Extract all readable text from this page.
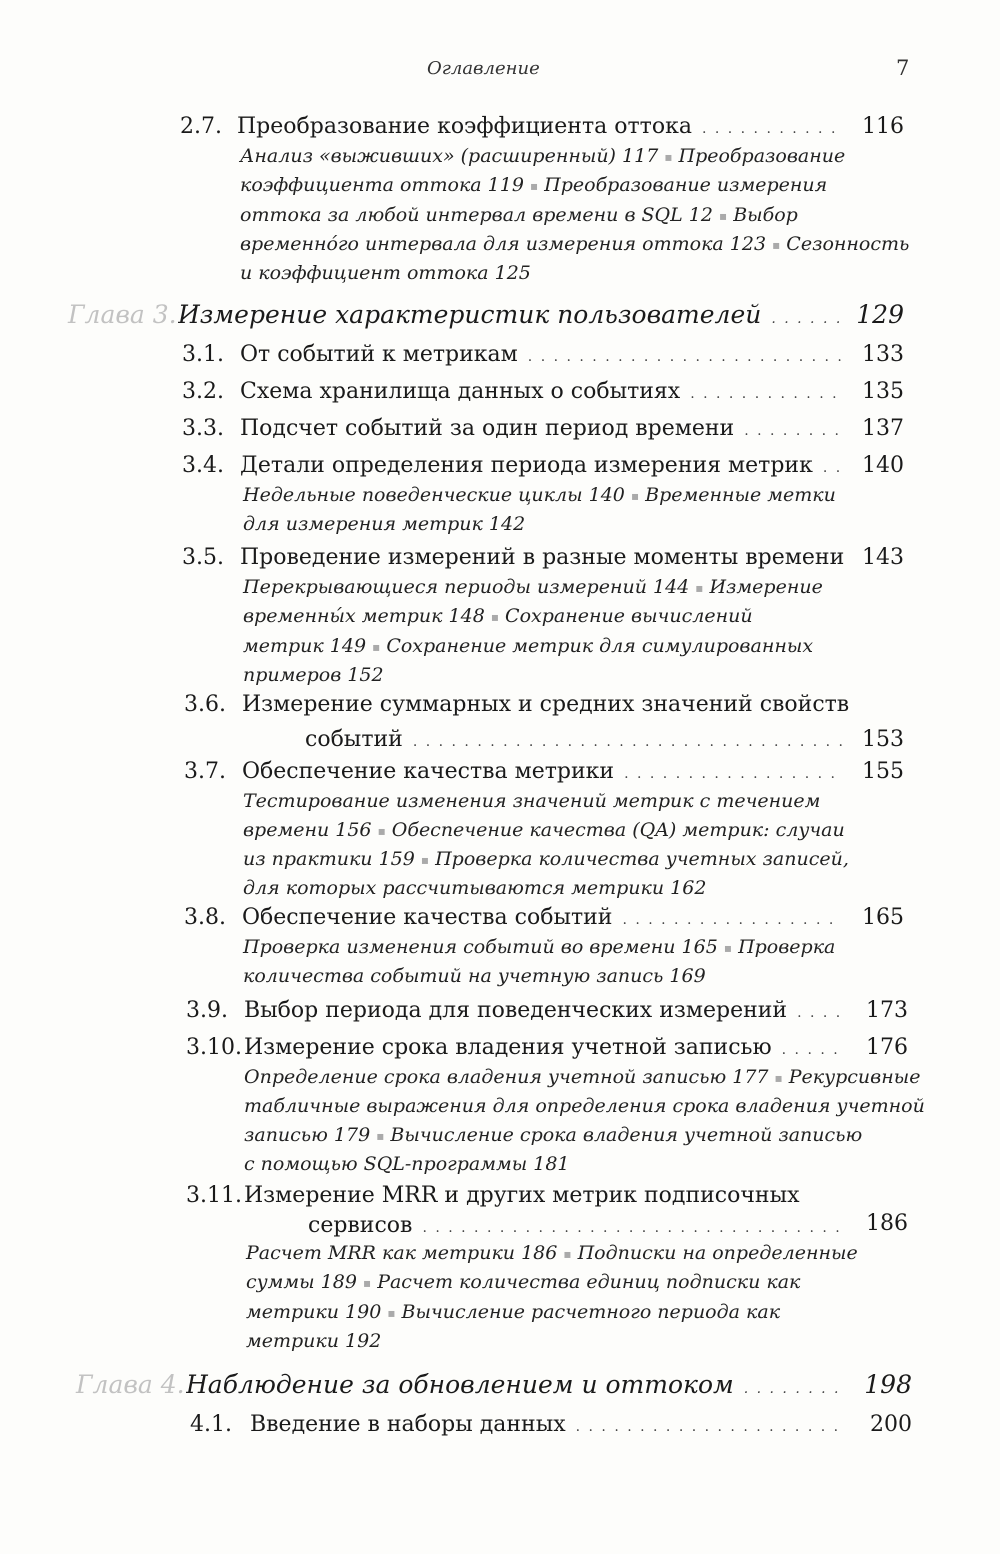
Оглавление	7
2.7. Преобразование коэффициента оттока . . .	116

Анализ «выживших» (расширенный) 117 ▪ Преобразование

коэффициента оттока 119 ▪ Преобразование измерения

оттока за любой интервал времени в SQL 12 ▪ Выбор

временнóго интервала для измерения оттока 123 ▪ Сезонность

и коэффициент оттока 125

Глава 3. Измерение характеристик пользователей . . .	129
3.1. От событий к метрикам . . .	133
3.2. Схема хранилища данных о событиях . . .	135
3.3. Подсчет событий за один период времени . . .	137
3.4. Детали определения периода измерения метрик . . . 140

Недельные поведенческие циклы 140 ▪ Временные метки

для измерения метрик 142

3.5. Проведение измерений в разные моменты времени 143

Перекрывающиеся периоды измерений 144 ▪ Измерение

временны́х метрик 148 ▪ Сохранение вычислений

метрик 149 ▪ Сохранение метрик для симулированных

примеров 152

3.6. Измерение суммарных и средних значений свойств
событий . . .	153
3.7. Обеспечение качества метрики . . .	155

Тестирование изменения значений метрик с течением

времени 156 ▪ Обеспечение качества (QA) метрик: случаи

из практики 159 ▪ Проверка количества учетных записей,

для которых рассчитываются метрики 162

3.8. Обеспечение качества событий . . .	165

Проверка изменения событий во времени 165 ▪ Проверка

количества событий на учетную запись 169

3.9. Выбор периода для поведенческих измерений . . .	173
3.10. Измерение срока владения учетной записью . . .	176

Определение срока владения учетной записью 177 ▪ Рекурсивные

табличные выражения для определения срока владения учетной

записью 179 ▪ Вычисление срока владения учетной записью

с помощью SQL-программы 181

3.11. Измерение MRR и других метрик подписочных
сервисов . . .	186

Расчет MRR как метрики 186 ▪ Подписки на определенные

суммы 189 ▪ Расчет количества единиц подписки как

метрики 190 ▪ Вычисление расчетного периода как

метрики 192

Глава 4. Наблюдение за обновлением и оттоком . . .	198
4.1. Введение в наборы данных . . .	200
